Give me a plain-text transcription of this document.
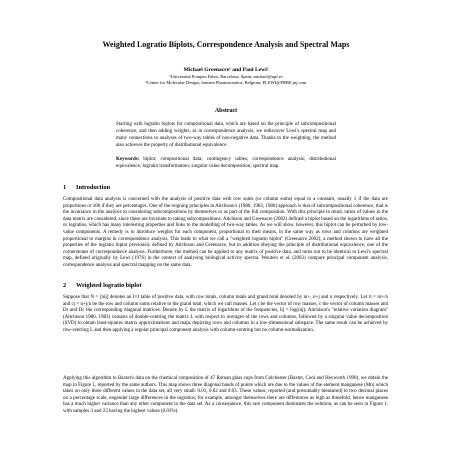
Weighted Logratio Biplots, Correspondence Analysis and Spectral Maps
Michael Greenacre¹ and Paul Lewi²
¹Universitat Pompeu Fabra, Barcelona, Spain; michael@upf.es
²Center for Molecular Design, Janssen Pharmaceutica, Belgium; PLEWI@PRBE.jnj.com
Abstract

Starting with logratio biplots for compositional data, which are based on the principle of subcompositional coherence, and then adding weights, as in correspondence analysis, we rediscover Lewi's spectral map and many connections to analyses of two-way tables of non-negative data. Thanks to the weighting, the method also achieves the property of distributional equivalence.

Keywords: biplot; compositional data; contingency tables; correspondence analysis; distributional equivalence; logratio transformation; singular value decomposition; spectral map.

1 Introduction

Compositional data analysis is concerned with the analysis of positive data with row sums (or column sums) equal to a constant, usually 1 if the data are proportions or 100 if they are percentages. One of the reigning principles in Aitchison's (1980, 1983, 1986) approach is that of subcompositional coherence, that is the invariance in the analysis to considering subcompositions by themselves or as part of the full composition. With this principle in mind, ratios of values in the data matrix are considered, since these are invariant to taking subcompositions. Aitchison and Greenacre (2002) defined a biplot based on the logarithms of ratios, or logratios, which has many interesting properties and links to the modelling of two-way tables. As we will show, however, this biplot can be perturbed by low-value components. A remedy is to introduce weights for each component, proportional to their means, in the same way as rows and columns are weighted proportional to margins in correspondence analysis. This leads to what we call a "weighted logratio biplot" (Greenacre 2002), a method shown to have all the properties of the logratio biplot previously defined by Aitchison and Greenacre, but in addition obeying the principle of distributional equivalence, one of the cornerstones of correspondence analysis. Furthermore, the method can be applied to any matrix of positive data, and turns out to be identical to Lewi's spectral map, defined originally by Lewi (1976) in the context of analysing biological activity spectra. Wouters et al. (2003) compare principal component analysis, correspondence analysis and spectral mapping on the same data.

2 Weighted logratio biplot

Suppose that N = [nij] denotes an I×J table of positive data, with row totals, column totals and grand total denoted by ni+, n+j and n respectively. Let ri = ni+/n and cj = n+j/n be the row and column sums relative to the grand total, which we call masses. Let r be the vector of row masses, c the vector of column masses and Dr and Dc the corresponding diagonal matrices. Denote by L the matrix of logarithms of the frequencies, lij = log(nij). Aitchison's "relative variation diagram" (Aitchison 1980, 1983) consists of double-centring the matrix L with respect to averages of the rows and columns, followed by a singular value decomposition (SVD) to obtain least-squares matrix approximations and maps depicting rows and columns in a low-dimensional subspace. The same result can be achieved by row-centring L and then applying a regular principal component analysis with column-centring but no column-normalization.

Applying this algorithm to Baxter's data on the chemical composition of 47 Roman glass cups from Colchester (Baxter, Cool and Heyworth 1990), we obtain the map in Figure 1, reported by the same authors. This map shows three diagonal bands of points which are due to the values of the element manganese (Mn) which takes on only three different values in the data set, all very small: 0.01, 0.02 and 0.03. These values, reported (and presumably measured) to two decimal places on a percentage scale, engender large differences in the logratios; for example, amongst themselves there are differences as high as threefold, hence manganese has a much higher variance than any other component in the data set. As a consequence, this rare component dominates the solution, as can be seen in Figure 1, with samples 3 and 23 having the highest values (0.03%).
